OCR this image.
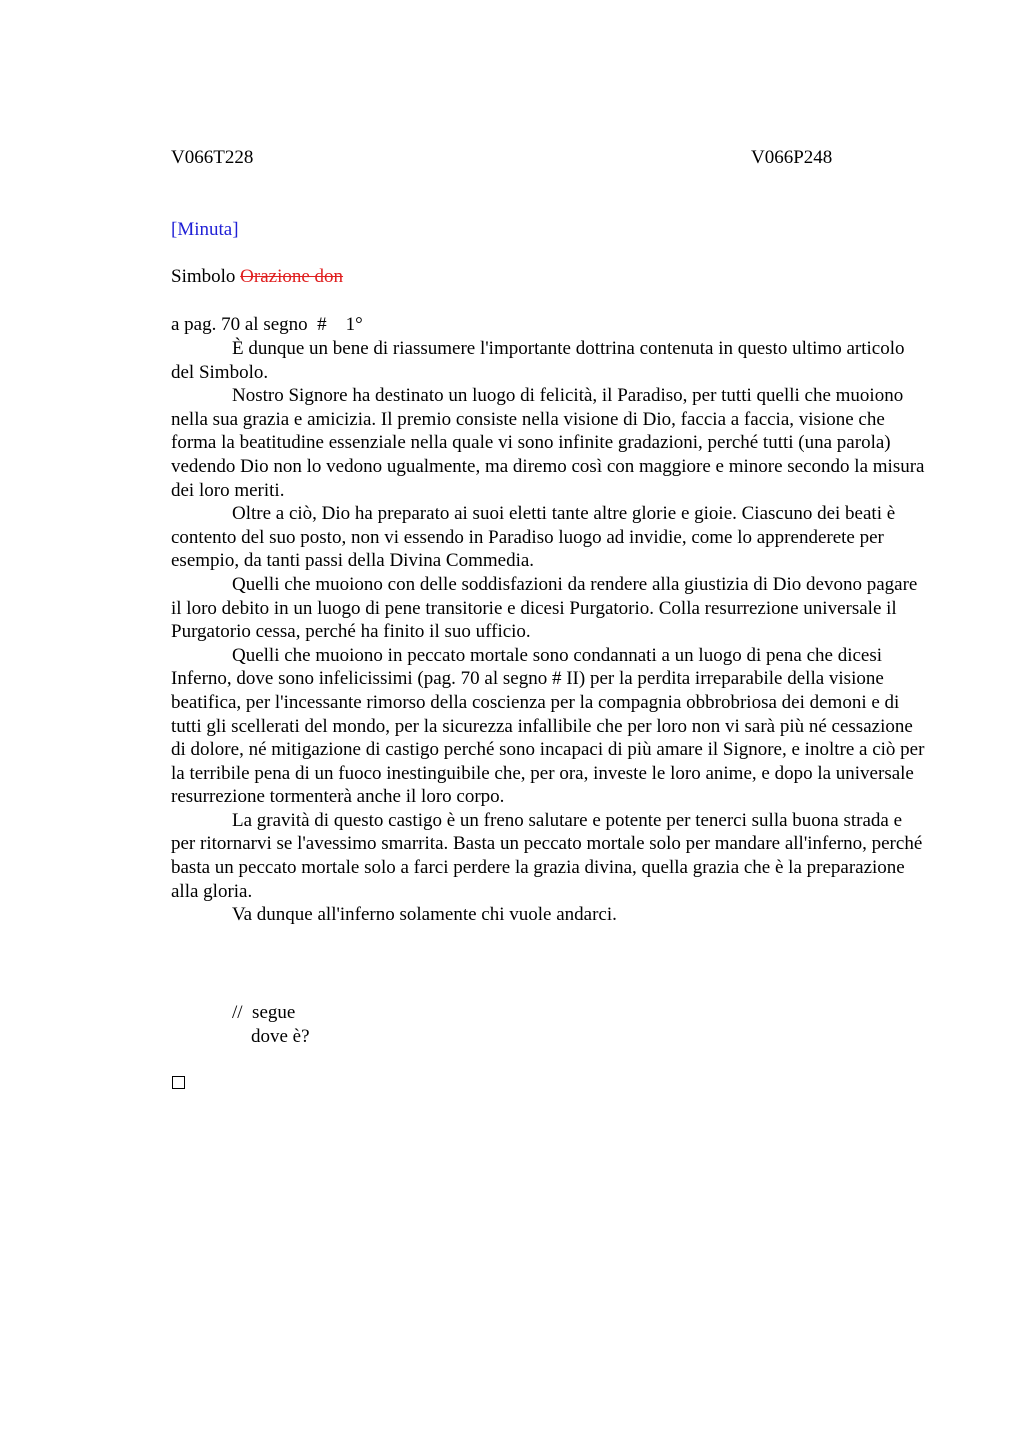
V066T228	V066P248
[Minuta]
Simbolo Orazione don
a pag. 70 al segno  #    1°

È dunque un bene di riassumere l'importante dottrina contenuta in questo ultimo articolo del Simbolo.

Nostro Signore ha destinato un luogo di felicità, il Paradiso, per tutti quelli che muoiono nella sua grazia e amicizia. Il premio consiste nella visione di Dio, faccia a faccia, visione che forma la beatitudine essenziale nella quale vi sono infinite gradazioni, perché tutti (una parola) vedendo Dio non lo vedono ugualmente, ma diremo così con maggiore e minore secondo la misura dei loro meriti.

Oltre a ciò, Dio ha preparato ai suoi eletti tante altre glorie e gioie. Ciascuno dei beati è contento del suo posto, non vi essendo in Paradiso luogo ad invidie, come lo apprenderete per esempio, da tanti passi della Divina Commedia.

Quelli che muoiono con delle soddisfazioni da rendere alla giustizia di Dio devono pagare il loro debito in un luogo di pene transitorie e dicesi Purgatorio. Colla resurrezione universale il Purgatorio cessa, perché ha finito il suo ufficio.

Quelli che muoiono in peccato mortale sono condannati a un luogo di pena che dicesi Inferno, dove sono infelicissimi (pag. 70 al segno # II) per la perdita irreparabile della visione beatifica, per l'incessante rimorso della coscienza per la compagnia obbrobriosa dei demoni e di tutti gli scellerati del mondo, per la sicurezza infallibile che per loro non vi sarà più né cessazione di dolore, né mitigazione di castigo perché sono incapaci di più amare il Signore, e inoltre a ciò per la terribile pena di un fuoco inestinguibile che, per ora, investe le loro anime, e dopo la universale resurrezione tormenterà anche il loro corpo.

La gravità di questo castigo è un freno salutare e potente per tenerci sulla buona strada e per ritornarvi se l'avessimo smarrita. Basta un peccato mortale solo per mandare all'inferno, perché basta un peccato mortale solo a farci perdere la grazia divina, quella grazia che è la preparazione alla gloria.

Va dunque all'inferno solamente chi vuole andarci.

//  segue
dove è?
